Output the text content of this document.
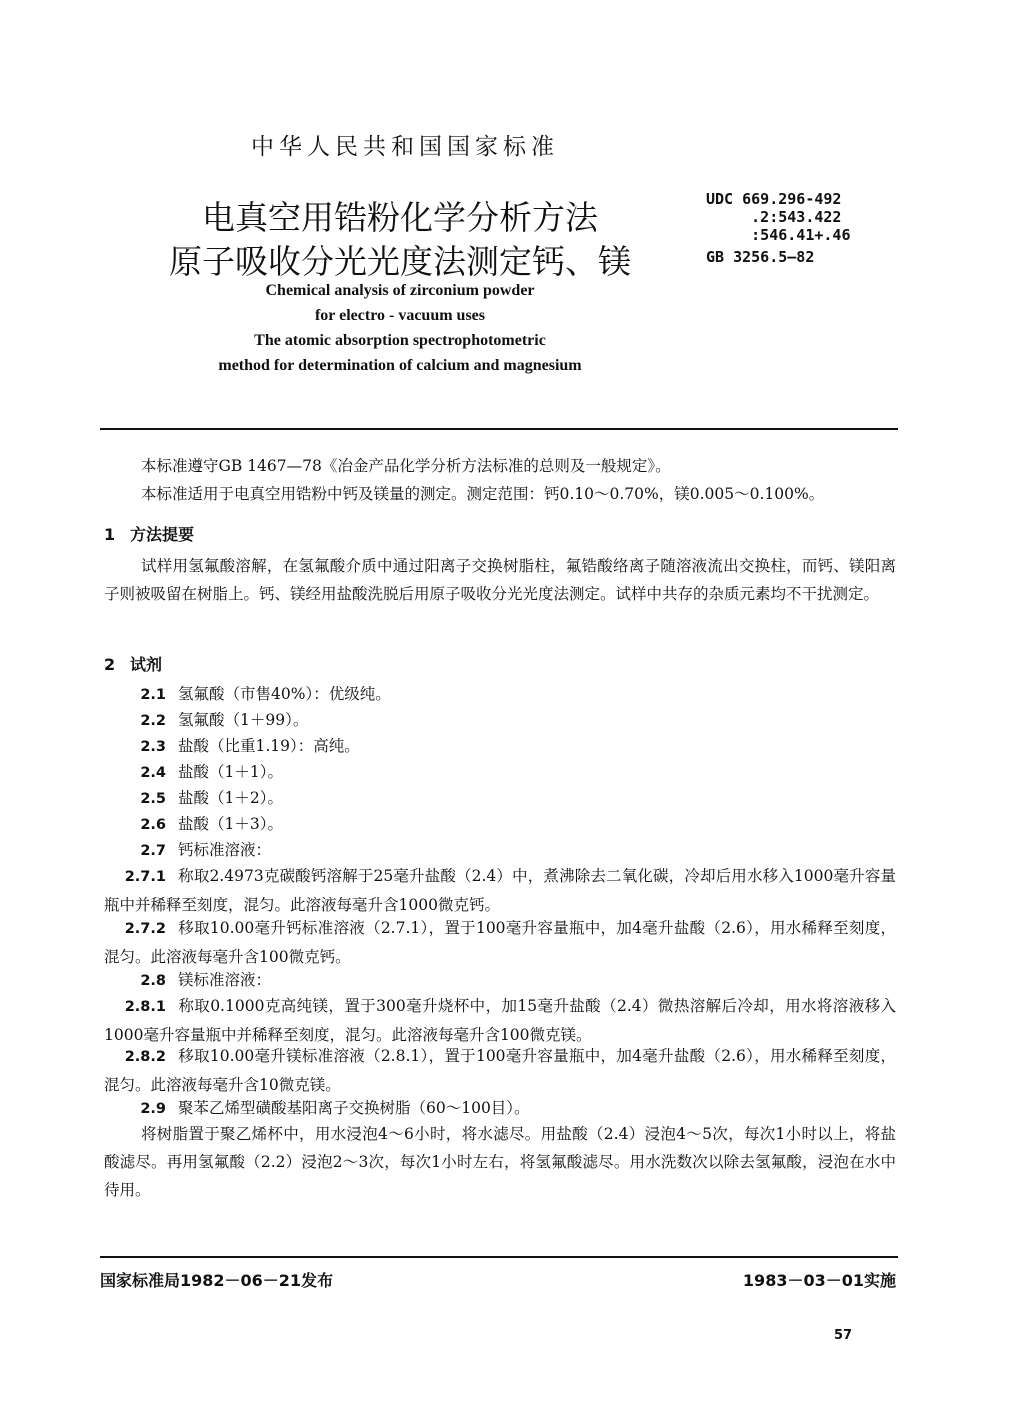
中华人民共和国国家标准
电真空用锆粉化学分析方法
原子吸收分光光度法测定钙、镁
UDC 669.296-492
.2:543.422
:546.41+.46
GB 3256.5—82
Chemical analysis of zirconium powder
for electro - vacuum uses
The atomic absorption spectrophotometric
method for determination of calcium and magnesium
本标准遵守GB 1467—78《冶金产品化学分析方法标准的总则及一般规定》。
本标准适用于电真空用锆粉中钙及镁量的测定。测定范围：钙0.10～0.70%，镁0.005～0.100%。
1 方法提要
试样用氢氟酸溶解，在氢氟酸介质中通过阳离子交换树脂柱，氟锆酸络离子随溶液流出交换柱，而钙、镁阳离子则被吸留在树脂上。钙、镁经用盐酸洗脱后用原子吸收分光光度法测定。试样中共存的杂质元素均不干扰测定。
2 试剂
2.1 氢氟酸（市售40%）：优级纯。
2.2 氢氟酸（1＋99）。
2.3 盐酸（比重1.19）：高纯。
2.4 盐酸（1＋1）。
2.5 盐酸（1＋2）。
2.6 盐酸（1＋3）。
2.7 钙标准溶液：
2.7.1 称取2.4973克碳酸钙溶解于25毫升盐酸（2.4）中，煮沸除去二氧化碳，冷却后用水移入1000毫升容量瓶中并稀释至刻度，混匀。此溶液每毫升含1000微克钙。
2.7.2 移取10.00毫升钙标准溶液（2.7.1），置于100毫升容量瓶中，加4毫升盐酸（2.6），用水稀释至刻度，混匀。此溶液每毫升含100微克钙。
2.8 镁标准溶液：
2.8.1 称取0.1000克高纯镁，置于300毫升烧杯中，加15毫升盐酸（2.4）微热溶解后冷却，用水将溶液移入1000毫升容量瓶中并稀释至刻度，混匀。此溶液每毫升含100微克镁。
2.8.2 移取10.00毫升镁标准溶液（2.8.1），置于100毫升容量瓶中，加4毫升盐酸（2.6），用水稀释至刻度，混匀。此溶液每毫升含10微克镁。
2.9 聚苯乙烯型磺酸基阳离子交换树脂（60～100目）。
将树脂置于聚乙烯杯中，用水浸泡4～6小时，将水滤尽。用盐酸（2.4）浸泡4～5次，每次1小时以上，将盐酸滤尽。再用氢氟酸（2.2）浸泡2～3次，每次1小时左右，将氢氟酸滤尽。用水洗数次以除去氢氟酸，浸泡在水中待用。
国家标准局1982－06－21发布	1983－03－01实施
57
